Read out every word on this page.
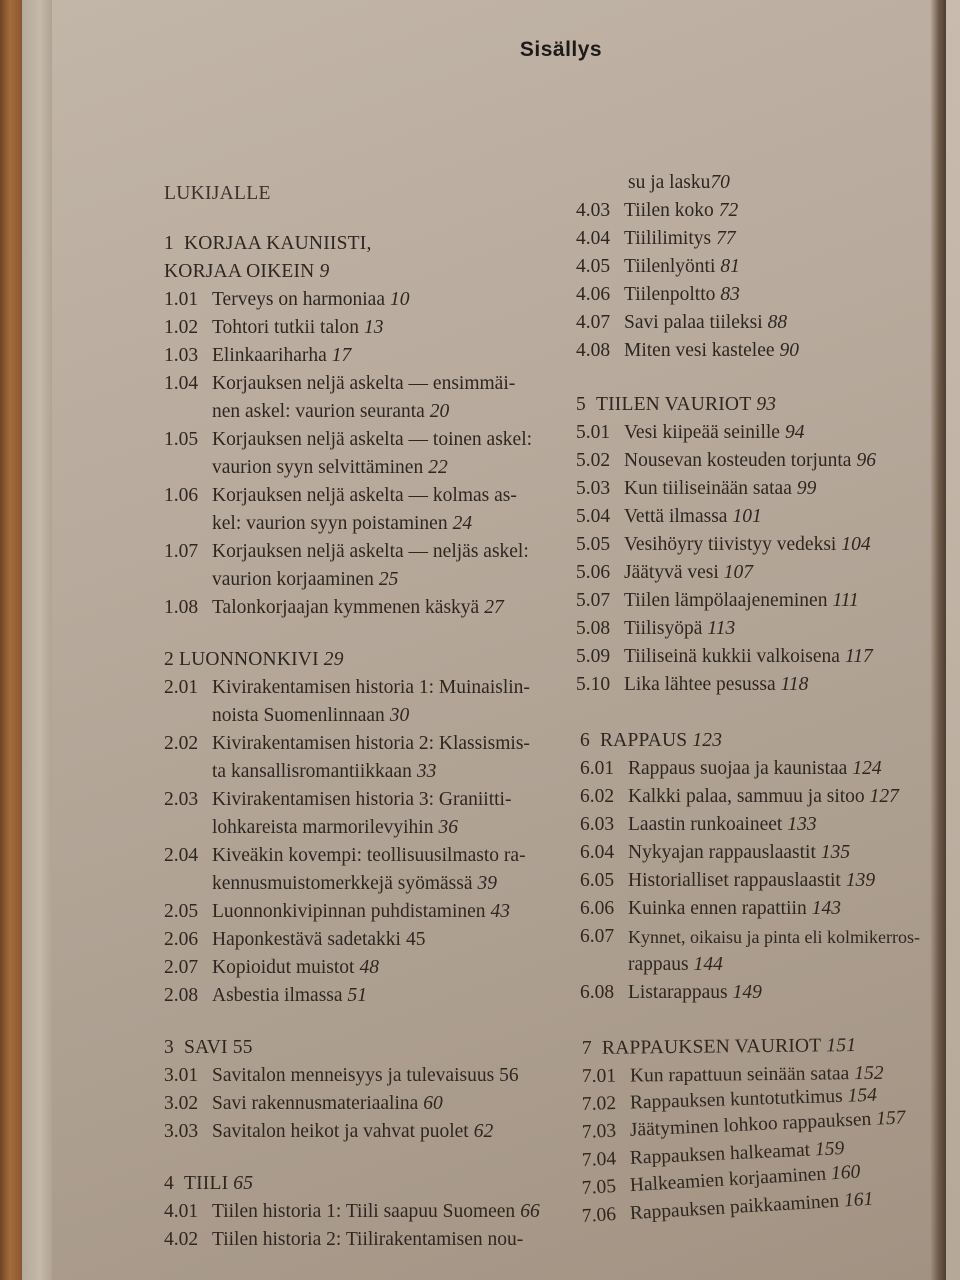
Sisällys
LUKIJALLE
1 KORJAA KAUNIISTI,
KORJAA OIKEIN 9
1.01 Terveys on harmoniaa 10
1.02 Tohtori tutkii talon 13
1.03 Elinkaariharha 17
1.04 Korjauksen neljä askelta — ensimmäi-
nen askel: vaurion seuranta 20
1.05 Korjauksen neljä askelta — toinen askel:
vaurion syyn selvittäminen 22
1.06 Korjauksen neljä askelta — kolmas as-
kel: vaurion syyn poistaminen 24
1.07 Korjauksen neljä askelta — neljäs askel:
vaurion korjaaminen 25
1.08 Talonkorjaajan kymmenen käskyä 27
2 LUONNONKIVI 29
2.01 Kivirakentamisen historia 1: Muinaislin-
noista Suomenlinnaan 30
2.02 Kivirakentamisen historia 2: Klassismis-
ta kansallisromantiikkaan 33
2.03 Kivirakentamisen historia 3: Graniitti-
lohkareista marmorilevyihin 36
2.04 Kiveäkin kovempi: teollisuusilmasto ra-
kennusmuistomerkkejä syömässä 39
2.05 Luonnonkivipinnan puhdistaminen 43
2.06 Haponkestävä sadetakki 45
2.07 Kopioidut muistot 48
2.08 Asbestia ilmassa 51
3 SAVI 55
3.01 Savitalon menneisyys ja tulevaisuus 56
3.02 Savi rakennusmateriaalina 60
3.03 Savitalon heikot ja vahvat puolet 62
4 TIILI 65
4.01 Tiilen historia 1: Tiili saapuu Suomeen 66
4.02 Tiilen historia 2: Tiilirakentamisen nou-
su ja lasku70
4.03 Tiilen koko 72
4.04 Tiililimitys 77
4.05 Tiilenlyönti 81
4.06 Tiilenpoltto 83
4.07 Savi palaa tiileksi 88
4.08 Miten vesi kastelee 90
5 TIILEN VAURIOT 93
5.01 Vesi kiipeää seinille 94
5.02 Nousevan kosteuden torjunta 96
5.03 Kun tiiliseinään sataa 99
5.04 Vettä ilmassa 101
5.05 Vesihöyry tiivistyy vedeksi 104
5.06 Jäätyvä vesi 107
5.07 Tiilen lämpölaajeneminen 111
5.08 Tiilisyöpä 113
5.09 Tiiliseinä kukkii valkoisena 117
5.10 Lika lähtee pesussa 118
6 RAPPAUS 123
6.01 Rappaus suojaa ja kaunistaa 124
6.02 Kalkki palaa, sammuu ja sitoo 127
6.03 Laastin runkoaineet 133
6.04 Nykyajan rappauslaastit 135
6.05 Historialliset rappauslaastit 139
6.06 Kuinka ennen rapattiin 143
6.07 Kynnet, oikaisu ja pinta eli kolmikerros-
rappaus 144
6.08 Listarappaus 149
7 RAPPAUKSEN VAURIOT 151
7.01 Kun rapattuun seinään sataa 152
7.02 Rappauksen kuntotutkimus 154
7.03 Jäätyminen lohkoo rappauksen 157
7.04 Rappauksen halkeamat 159
7.05 Halkeamien korjaaminen 160
7.06 Rappauksen paikkaaminen 161
